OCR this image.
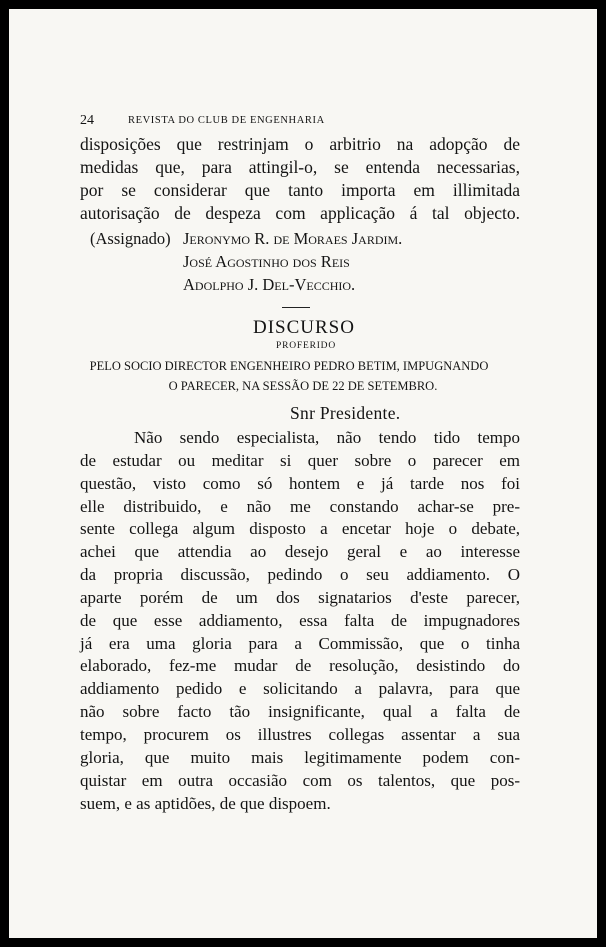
24	REVISTA DO CLUB DE ENGENHARIA
disposições que restrinjam o arbitrio na adopção de
medidas que, para attingil-o, se entenda necessarias,
por se considerar que tanto importa em illimitada
autorisação de despeza com applicação á tal objecto.
(Assignado) Jeronymo R. de Moraes Jardim.
José Agostinho dos Reis
Adolpho J. Del-Vecchio.
DISCURSO
PROFERIDO
PELO SOCIO DIRECTOR ENGENHEIRO PEDRO BETIM, IMPUGNANDO
O PARECER, NA SESSÃO DE 22 DE SETEMBRO.
Snr Presidente.
Não sendo especialista, não tendo tido tempo
de estudar ou meditar si quer sobre o parecer em
questão, visto como só hontem e já tarde nos foi
elle distribuido, e não me constando achar-se pre-
sente collega algum disposto a encetar hoje o debate,
achei que attendia ao desejo geral e ao interesse
da propria discussão, pedindo o seu addiamento. O
aparte porém de um dos signatarios d'este parecer,
de que esse addiamento, essa falta de impugnadores
já era uma gloria para a Commissão, que o tinha
elaborado, fez-me mudar de resolução, desistindo do
addiamento pedido e solicitando a palavra, para que
não sobre facto tão insignificante, qual a falta de
tempo, procurem os illustres collegas assentar a sua
gloria, que muito mais legitimamente podem con-
quistar em outra occasião com os talentos, que pos-
suem, e as aptidões, de que dispoem.
